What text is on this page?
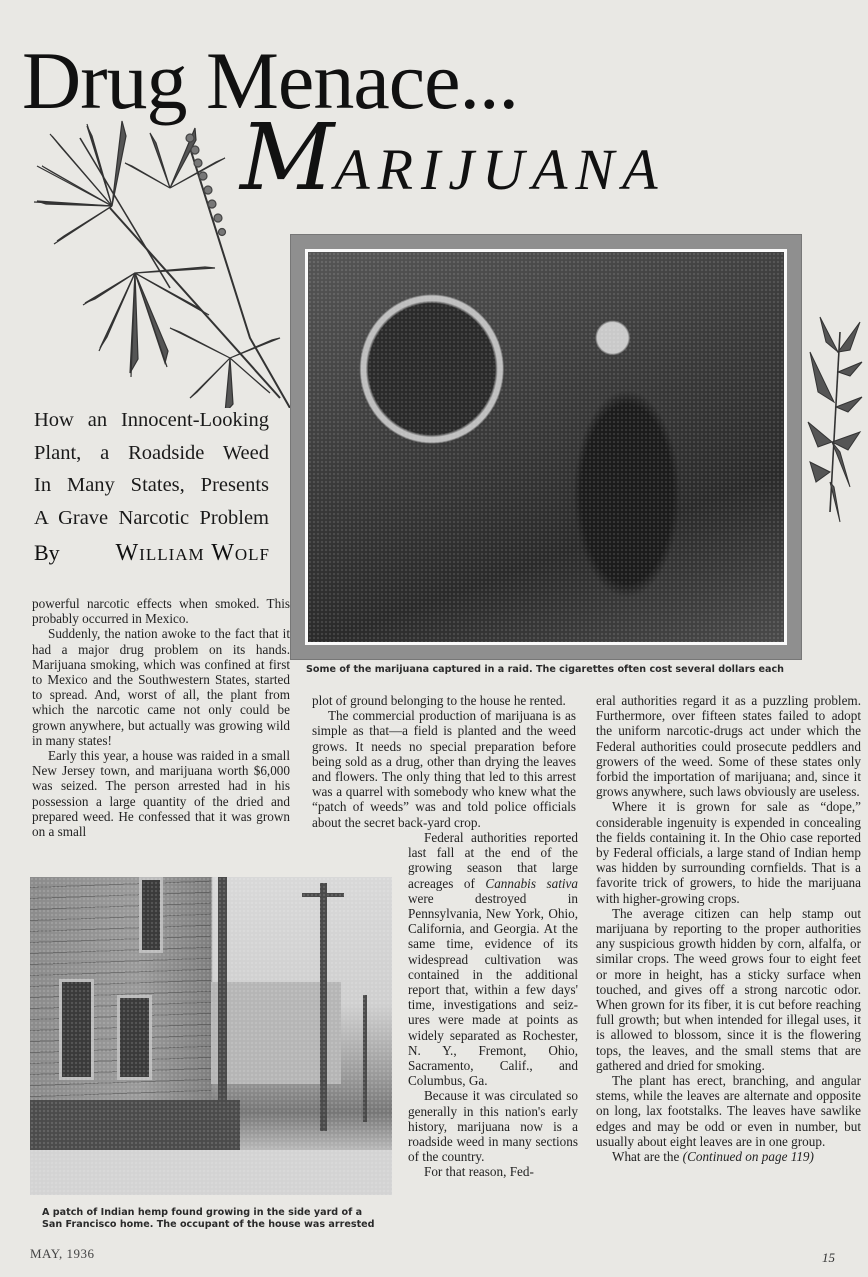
Drug Menace...
MARIJUANA
How an Innocent-Looking
Plant, a Roadside Weed
In Many States, Presents
A Grave Narcotic Problem
By William Wolf
Some of the marijuana captured in a raid. The cigarettes often cost several dollars each

powerful narcotic effects when smoked. This probably occurred in Mexico.

Suddenly, the nation awoke to the fact that it had a major drug problem on its hands. Marijuana smoking, which was confined at first to Mexico and the Southwestern States, started to spread. And, worst of all, the plant from which the narcotic came not only could be grown anywhere, but actually was growing wild in many states!

Early this year, a house was raided in a small New Jersey town, and marijuana worth $6,000 was seized. The person arrested had in his possession a large quantity of the dried and prepared weed. He confessed that it was grown on a small

plot of ground belonging to the house he rented.

The commercial production of marijuana is as simple as that—a field is planted and the weed grows. It needs no special preparation before being sold as a drug, other than drying the leaves and flowers. The only thing that led to this arrest was a quarrel with somebody who knew what the “patch of weeds” was and told police officials about the secret back-yard crop.

Federal authorities reported last fall at the end of the growing season that large acreages of Cannabis sativa were destroyed in Pennsylvania, New York, Ohio, California, and Georgia. At the same time, evidence of its widespread cultivation was contained in the additional report that, within a few days' time, investigations and seizures were made at points as widely separated as Rochester, N. Y., Fremont, Ohio, Sacramento, Calif., and Columbus, Ga.

Because it was circulated so generally in this nation's early history, marijuana now is a roadside weed in many sections of the country.

For that reason, Fed-

A patch of Indian hemp found growing in the side yard of a
San Francisco home. The occupant of the house was arrested

eral authorities regard it as a puzzling problem. Furthermore, over fifteen states failed to adopt the uniform narcotic-drugs act under which the Federal authorities could prosecute peddlers and growers of the weed. Some of these states only forbid the importation of marijuana; and, since it grows anywhere, such laws obviously are useless.

Where it is grown for sale as “dope,” considerable ingenuity is expended in concealing the fields containing it. In the Ohio case reported by Federal officials, a large stand of Indian hemp was hidden by surrounding cornfields. That is a favorite trick of growers, to hide the marijuana with higher-growing crops.

The average citizen can help stamp out marijuana by reporting to the proper authorities any suspicious growth hidden by corn, alfalfa, or similar crops. The weed grows four to eight feet or more in height, has a sticky surface when touched, and gives off a strong narcotic odor. When grown for its fiber, it is cut before reaching full growth; but when intended for illegal uses, it is allowed to blossom, since it is the flowering tops, the leaves, and the small stems that are gathered and dried for smoking.

The plant has erect, branching, and angular stems, while the leaves are alternate and opposite on long, lax footstalks. The leaves have sawlike edges and may be odd or even in number, but usually about eight leaves are in one group.

What are the (Continued on page 119)

MAY, 1936	15
